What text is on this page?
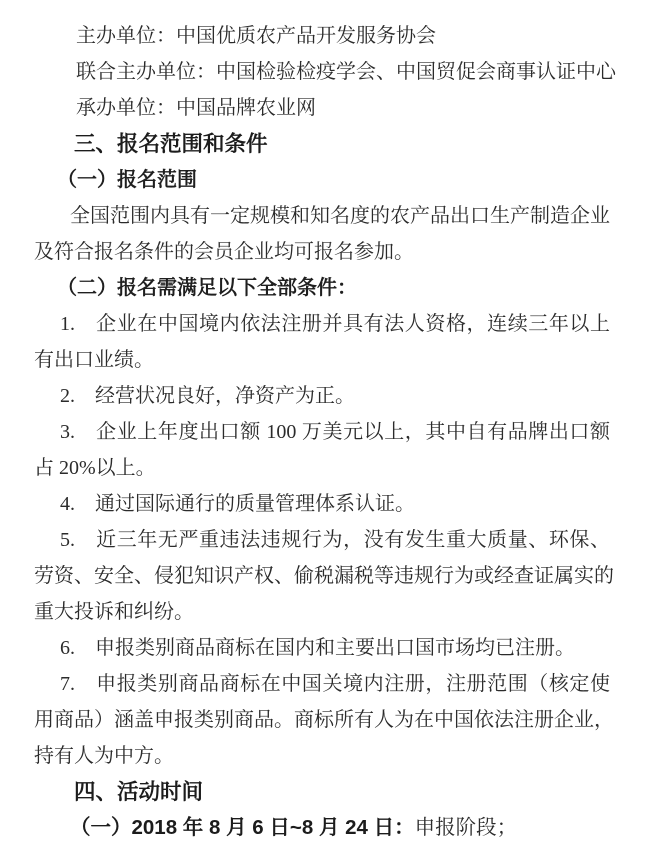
主办单位：中国优质农产品开发服务协会
联合主办单位：中国检验检疫学会、中国贸促会商事认证中心
承办单位：中国品牌农业网
三、报名范围和条件
（一）报名范围
全国范围内具有一定规模和知名度的农产品出口生产制造企业
及符合报名条件的会员企业均可报名参加。
（二）报名需满足以下全部条件：
1.　企业在中国境内依法注册并具有法人资格，连续三年以上
有出口业绩。
2.　经营状况良好，净资产为正。
3.　企业上年度出口额 100 万美元以上，其中自有品牌出口额
占 20%以上。
4.　通过国际通行的质量管理体系认证。
5.　近三年无严重违法违规行为，没有发生重大质量、环保、
劳资、安全、侵犯知识产权、偷税漏税等违规行为或经查证属实的
重大投诉和纠纷。
6.　申报类别商品商标在国内和主要出口国市场均已注册。
7.　申报类别商品商标在中国关境内注册，注册范围（核定使
用商品）涵盖申报类别商品。商标所有人为在中国依法注册企业，
持有人为中方。
四、活动时间
（一）2018 年 8 月 6 日~8 月 24 日：申报阶段；
